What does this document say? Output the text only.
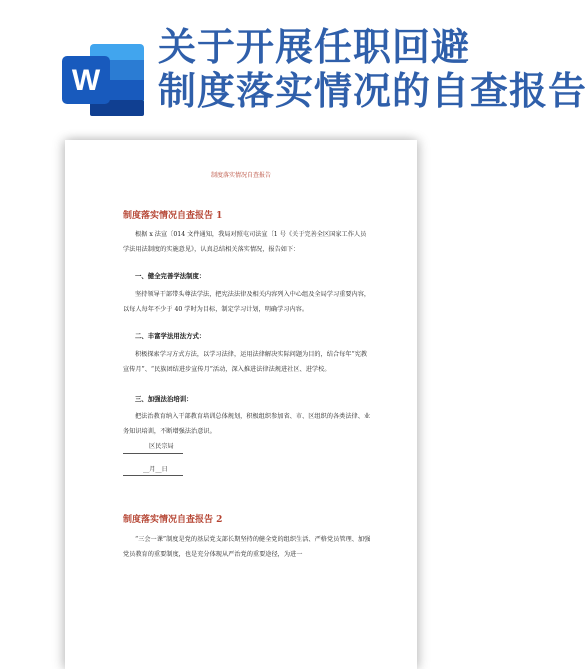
W
关于开展任职回避
制度落实情况的自查报告
制度落实情况自查报告
制度落实情况自查报告 1
根据 x 法宣〔014 文件通知，我局对照屯司法宣〔1 号《关于完善全区国家工作人员学法用法制度的实施意见》，认真总结相关落实情况，报告如下：
一、健全完善学法制度：
坚持领导干部带头尊法学法，把宪法法律及相关内容列入中心组及全局学习重要内容，以每人每年不少于 40 学时为目标，制定学习计划，明确学习内容。
二、丰富学法用法方式：
积极探索学习方式方法，以学习法律，运用法律解决实际问题为目的，结合每年“宪教宣传月”、“民族团结进步宣传月”活动，深入推进法律法规进社区、进学校。
三、加强法治培训：
把法治教育纳入干部教育培训总体规划，积极组织参加省、市、区组织的各类法律、业务知识培训，不断增强法治意识。
区民宗局
__月__日
制度落实情况自查报告 2
“三会一课”制度是党的基层党支部长期坚持的健全党的组织生活、严格党员管理、加强党员教育的重要制度，也是充分体现从严治党的重要途径，为进一
